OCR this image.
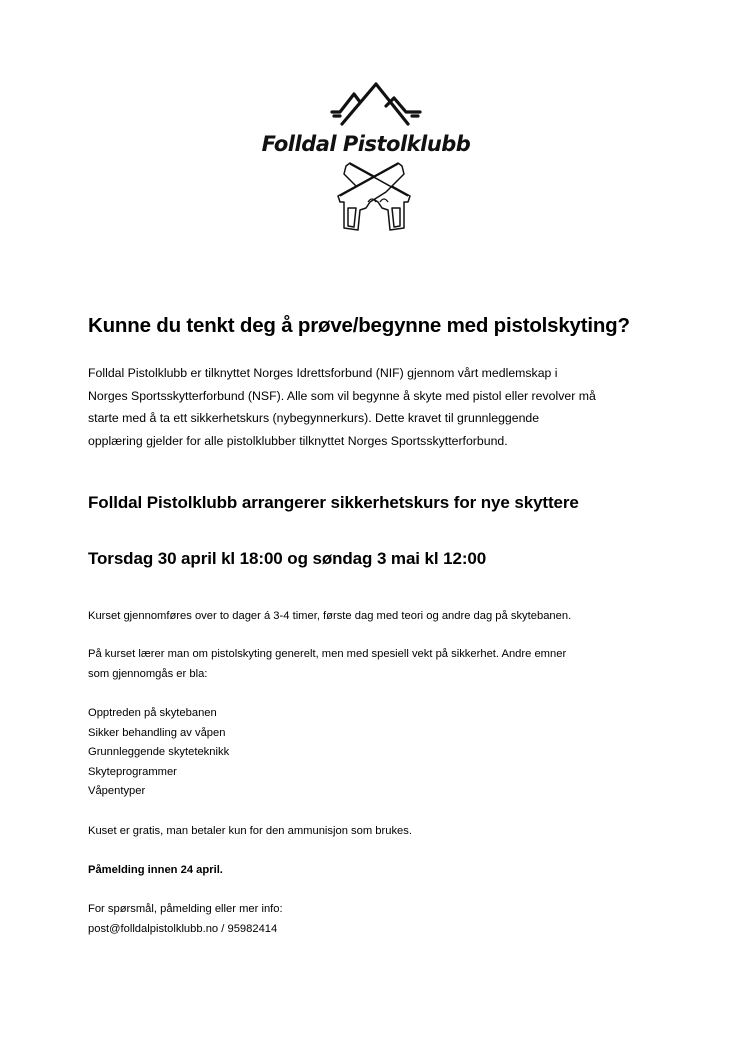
Folldal Pistolklubb
Kunne du tenkt deg å prøve/begynne med pistolskyting?
Folldal Pistolklubb er tilknyttet Norges Idrettsforbund (NIF) gjennom vårt medlemskap i
Norges Sportsskytterforbund (NSF). Alle som vil begynne å skyte med pistol eller revolver må
starte med å ta ett sikkerhetskurs (nybegynnerkurs). Dette kravet til grunnleggende
opplæring gjelder for alle pistolklubber tilknyttet Norges Sportsskytterforbund.
Folldal Pistolklubb arrangerer sikkerhetskurs for nye skyttere
Torsdag 30 april kl 18:00 og søndag 3 mai kl 12:00
Kurset gjennomføres over to dager á 3-4 timer, første dag med teori og andre dag på skytebanen.
På kurset lærer man om pistolskyting generelt, men med spesiell vekt på sikkerhet. Andre emner
som gjennomgås er bla:
Opptreden på skytebanen
Sikker behandling av våpen
Grunnleggende skyteteknikk
Skyteprogrammer
Våpentyper
Kuset er gratis, man betaler kun for den ammunisjon som brukes.
Påmelding innen 24 april.
For spørsmål, påmelding eller mer info:
post@folldalpistolklubb.no / 95982414
